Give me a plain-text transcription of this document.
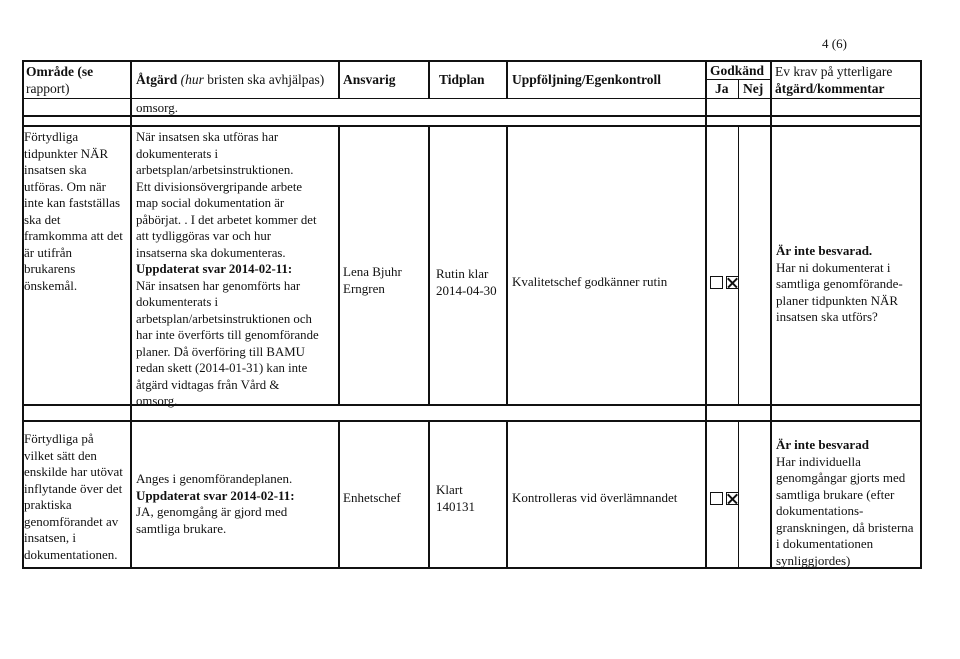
4 (6)
Område (se
rapport)
Åtgärd (hur bristen ska avhjälpas) Ansvarig	Tidplan Uppföljning/Egenkontroll
Godkänd
Ja Nej
Ev krav på ytterligare
åtgärd/kommentar
omsorg.
Förtydliga
tidpunkter NÄR
insatsen ska
utföras. Om när
inte kan fastställas
ska det
framkomma att det
är utifrån
brukarens
önskemål.
När insatsen ska utföras har
dokumenterats i
arbetsplan/arbetsinstruktionen.
Ett divisionsövergripande arbete
map social dokumentation är
påbörjat. . I det arbetet kommer det
att tydliggöras var och hur
insatserna ska dokumenteras.
Uppdaterat svar 2014-02-11:
När insatsen har genomförts har
dokumenterats i
arbetsplan/arbetsinstruktionen och
har inte överförts till genomförande
planer. Då överföring till BAMU
redan skett (2014-01-31) kan inte
åtgärd vidtagas från Vård &
omsorg.
Lena Bjuhr
Erngren
Rutin klar
2014-04-30
Kvalitetschef godkänner rutin
Är inte besvarad.
Har ni dokumenterat i
samtliga genomförande-
planer tidpunkten NÄR
insatsen ska utförs?
Förtydliga på
vilket sätt den
enskilde har utövat
inflytande över det
praktiska
genomförandet av
insatsen, i
dokumentationen.
Anges i genomförandeplanen.
Uppdaterat svar 2014-02-11:
JA, genomgång är gjord med
samtliga brukare.
Enhetschef
Klart
140131
Kontrolleras vid överlämnandet
Är inte besvarad
Har individuella
genomgångar gjorts med
samtliga brukare (efter
dokumentations-
granskningen, då bristerna
i dokumentationen
synliggjordes)
